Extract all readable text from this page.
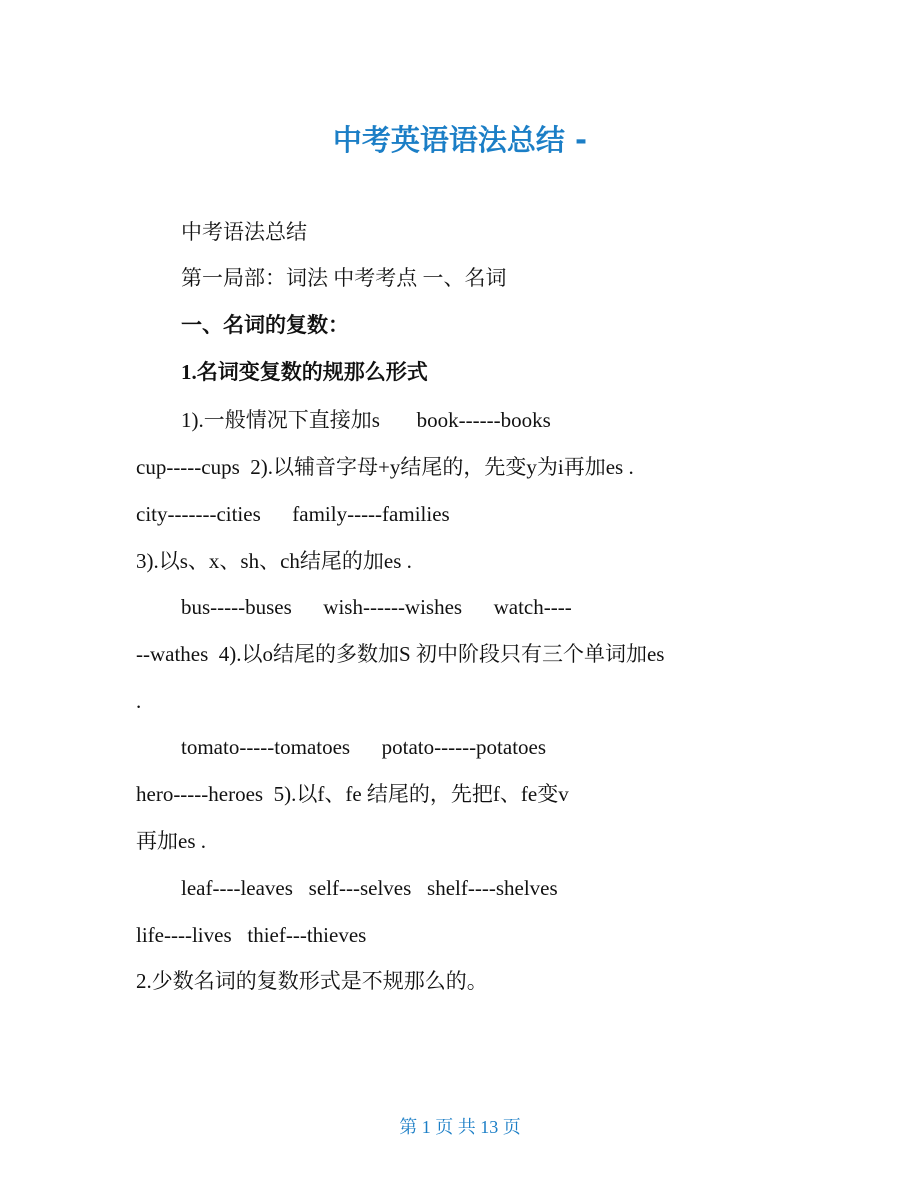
中考英语语法总结 -
中考语法总结
第一局部：词法 中考考点 一、名词
一、名词的复数：
1.名词变复数的规那么形式
1).一般情况下直接加s       book------books
cup-----cups  2).以辅音字母+y结尾的，先变y为i再加es .
city-------cities      family-----families
3).以s、x、sh、ch结尾的加es .
bus-----buses      wish------wishes      watch----
--wathes  4).以o结尾的多数加S 初中阶段只有三个单词加es
.
tomato-----tomatoes      potato------potatoes
hero-----heroes  5).以f、fe 结尾的，先把f、fe变v
再加es .
leaf----leaves   self---selves   shelf----shelves
life----lives   thief---thieves
2.少数名词的复数形式是不规那么的。
第 1 页 共 13 页
